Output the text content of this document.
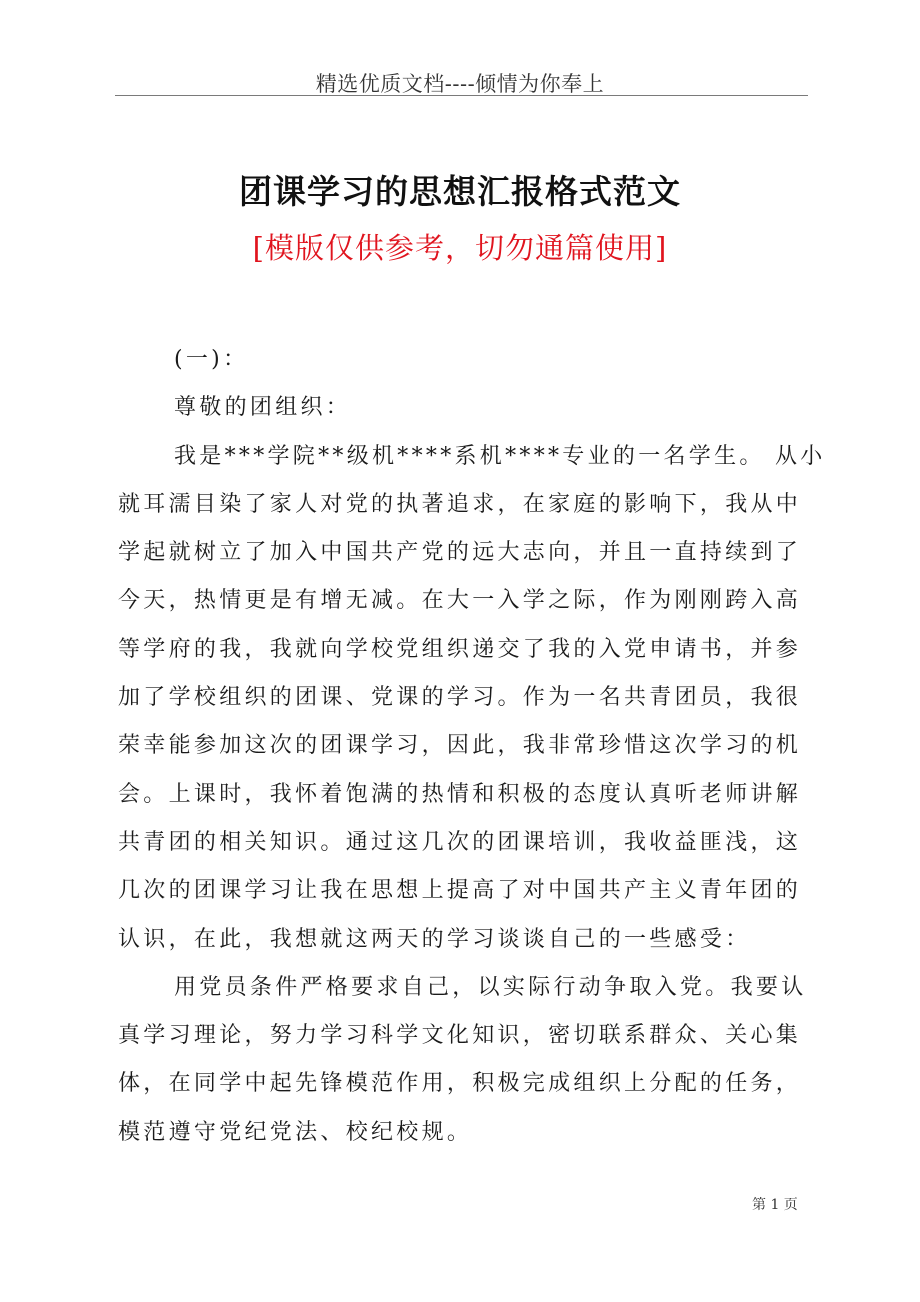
精选优质文档----倾情为你奉上
团课学习的思想汇报格式范文
[模版仅供参考，切勿通篇使用]
(一)：
尊敬的团组织：
我是***学院**级机****系机****专业的一名学生。 从小
就耳濡目染了家人对党的执著追求，在家庭的影响下，我从中
学起就树立了加入中国共产党的远大志向，并且一直持续到了
今天，热情更是有增无减。在大一入学之际，作为刚刚跨入高
等学府的我，我就向学校党组织递交了我的入党申请书，并参
加了学校组织的团课、党课的学习。作为一名共青团员，我很
荣幸能参加这次的团课学习，因此，我非常珍惜这次学习的机
会。上课时，我怀着饱满的热情和积极的态度认真听老师讲解
共青团的相关知识。通过这几次的团课培训，我收益匪浅，这
几次的团课学习让我在思想上提高了对中国共产主义青年团的
认识，在此，我想就这两天的学习谈谈自己的一些感受：
用党员条件严格要求自己，以实际行动争取入党。我要认
真学习理论，努力学习科学文化知识，密切联系群众、关心集
体，在同学中起先锋模范作用，积极完成组织上分配的任务，
模范遵守党纪党法、校纪校规。
第 1 页
